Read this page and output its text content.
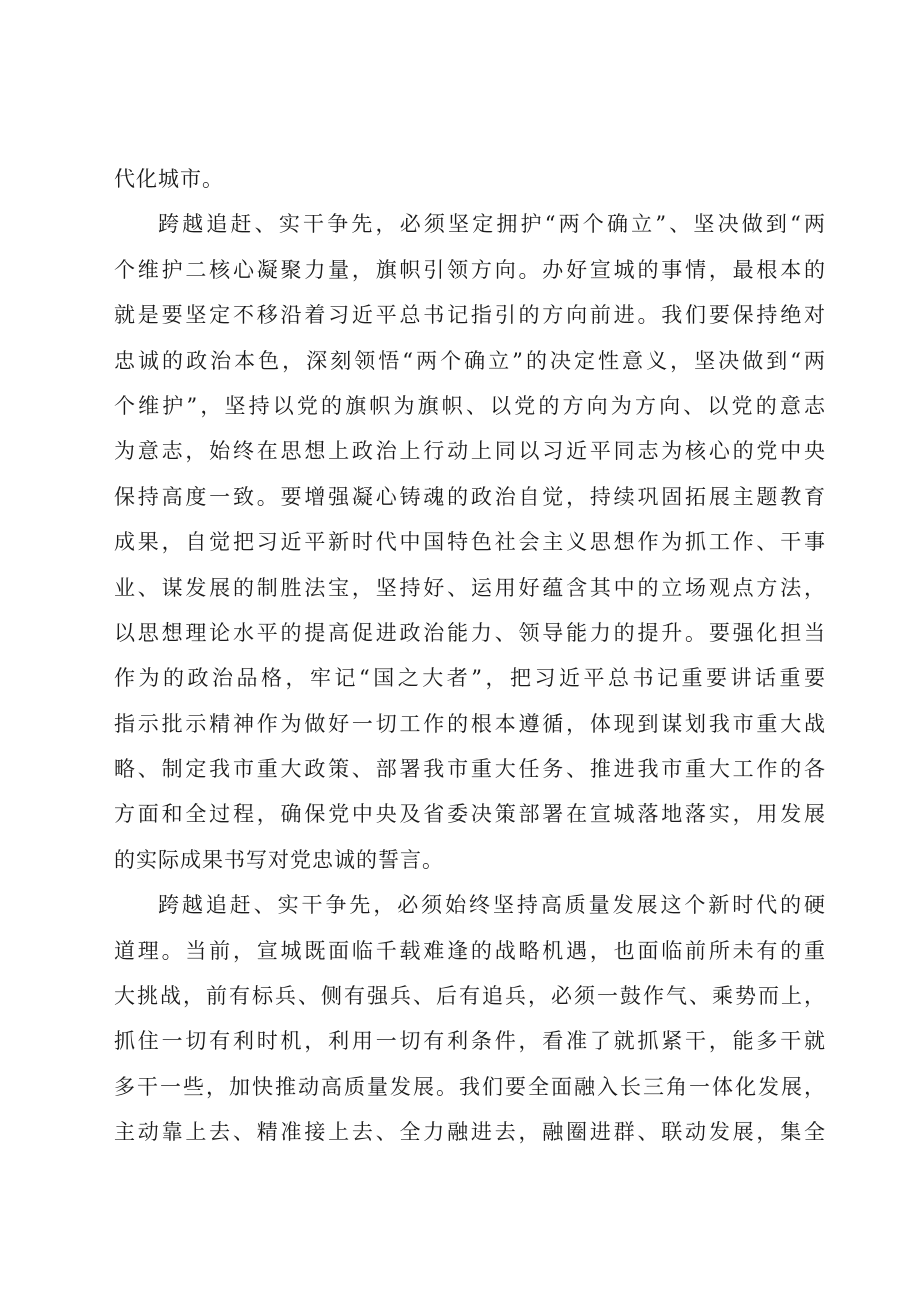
代化城市。
跨越追赶、实干争先，必须坚定拥护“两个确立”、坚决做到“两
个维护二核心凝聚力量，旗帜引领方向。办好宣城的事情，最根本的
就是要坚定不移沿着习近平总书记指引的方向前进。我们要保持绝对
忠诚的政治本色，深刻领悟“两个确立”的决定性意义，坚决做到“两
个维护”，坚持以党的旗帜为旗帜、以党的方向为方向、以党的意志
为意志，始终在思想上政治上行动上同以习近平同志为核心的党中央
保持高度一致。要增强凝心铸魂的政治自觉，持续巩固拓展主题教育
成果，自觉把习近平新时代中国特色社会主义思想作为抓工作、干事
业、谋发展的制胜法宝，坚持好、运用好蕴含其中的立场观点方法，
以思想理论水平的提高促进政治能力、领导能力的提升。要强化担当
作为的政治品格，牢记“国之大者”，把习近平总书记重要讲话重要
指示批示精神作为做好一切工作的根本遵循，体现到谋划我市重大战
略、制定我市重大政策、部署我市重大任务、推进我市重大工作的各
方面和全过程，确保党中央及省委决策部署在宣城落地落实，用发展
的实际成果书写对党忠诚的誓言。
跨越追赶、实干争先，必须始终坚持高质量发展这个新时代的硬
道理。当前，宣城既面临千载难逢的战略机遇，也面临前所未有的重
大挑战，前有标兵、侧有强兵、后有追兵，必须一鼓作气、乘势而上，
抓住一切有利时机，利用一切有利条件，看准了就抓紧干，能多干就
多干一些，加快推动高质量发展。我们要全面融入长三角一体化发展，
主动靠上去、精准接上去、全力融进去，融圈进群、联动发展，集全
